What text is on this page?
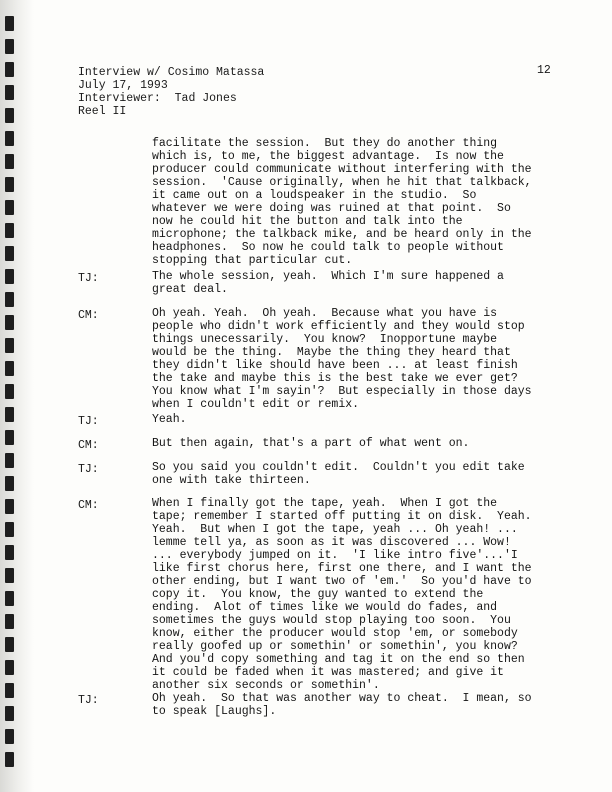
Interview w/ Cosimo Matassa
July 17, 1993
Interviewer: Tad Jones
Reel II
12
facilitate the session.  But they do another thing
which is, to me, the biggest advantage.  Is now the
producer could communicate without interfering with the
session.  'Cause originally, when he hit that talkback,
it came out on a loudspeaker in the studio.  So
whatever we were doing was ruined at that point.  So
now he could hit the button and talk into the
microphone; the talkback mike, and be heard only in the
headphones.  So now he could talk to people without
stopping that particular cut.
TJ:	The whole session, yeah.  Which I'm sure happened a
great deal.
CM:	Oh yeah. Yeah.  Oh yeah.  Because what you have is
people who didn't work efficiently and they would stop
things unecessarily.  You know?  Inopportune maybe
would be the thing.  Maybe the thing they heard that
they didn't like should have been ... at least finish
the take and maybe this is the best take we ever get?
You know what I'm sayin'?  But especially in those days
when I couldn't edit or remix.
TJ:	Yeah.
CM:	But then again, that's a part of what went on.
TJ:	So you said you couldn't edit.  Couldn't you edit take
one with take thirteen.
CM:	When I finally got the tape, yeah.  When I got the
tape; remember I started off putting it on disk.  Yeah.
Yeah.  But when I got the tape, yeah ... Oh yeah! ...
lemme tell ya, as soon as it was discovered ... Wow!
... everybody jumped on it.  'I like intro five'...'I
like first chorus here, first one there, and I want the
other ending, but I want two of 'em.'  So you'd have to
copy it.  You know, the guy wanted to extend the
ending.  Alot of times like we would do fades, and
sometimes the guys would stop playing too soon.  You
know, either the producer would stop 'em, or somebody
really goofed up or somethin' or somethin', you know?
And you'd copy something and tag it on the end so then
it could be faded when it was mastered; and give it
another six seconds or somethin'.
TJ:	Oh yeah.  So that was another way to cheat.  I mean, so
to speak [Laughs].
